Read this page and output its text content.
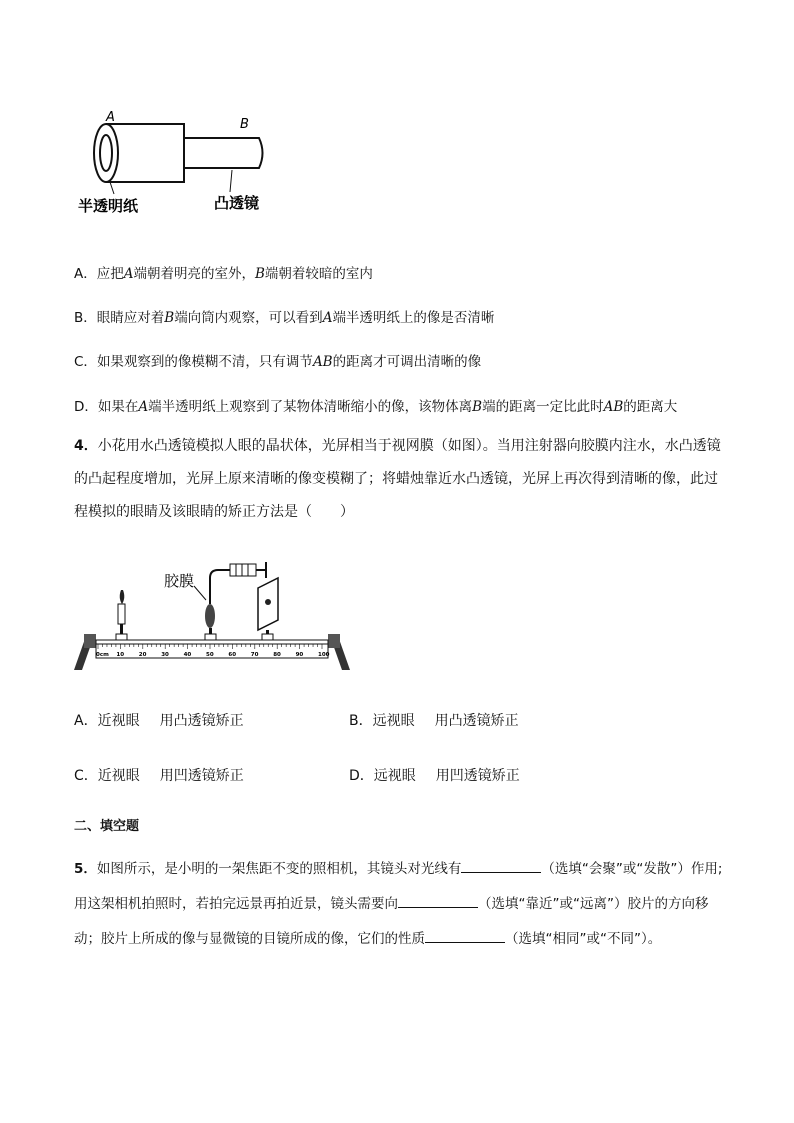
A	B
半透明纸	凸透镜
A．应把A端朝着明亮的室外，B端朝着较暗的室内
B．眼睛应对着B端向筒内观察，可以看到A端半透明纸上的像是否清晰
C．如果观察到的像模糊不清，只有调节AB的距离才可调出清晰的像
D．如果在A端半透明纸上观察到了某物体清晰缩小的像，该物体离B端的距离一定比此时AB的距离大
4．小花用水凸透镜模拟人眼的晶状体，光屏相当于视网膜（如图）。当用注射器向胶膜内注水，水凸透镜
的凸起程度增加，光屏上原来清晰的像变模糊了；将蜡烛靠近水凸透镜，光屏上再次得到清晰的像，此过
程模拟的眼睛及该眼睛的矫正方法是（　　）
0cm 10	20	30	40	50	60	70	80	90	100
胶膜
A．近视眼 用凸透镜矫正	B．远视眼 用凸透镜矫正
C．近视眼 用凹透镜矫正	D．远视眼 用凹透镜矫正
二、填空题
5．如图所示，是小明的一架焦距不变的照相机，其镜头对光线有	（选填“会聚”或“发散”）作用;
用这架相机拍照时，若拍完远景再拍近景，镜头需要向	（选填“靠近”或“远离”）胶片的方向移
动；胶片上所成的像与显微镜的目镜所成的像，它们的性质	（选填“相同”或“不同”）。
